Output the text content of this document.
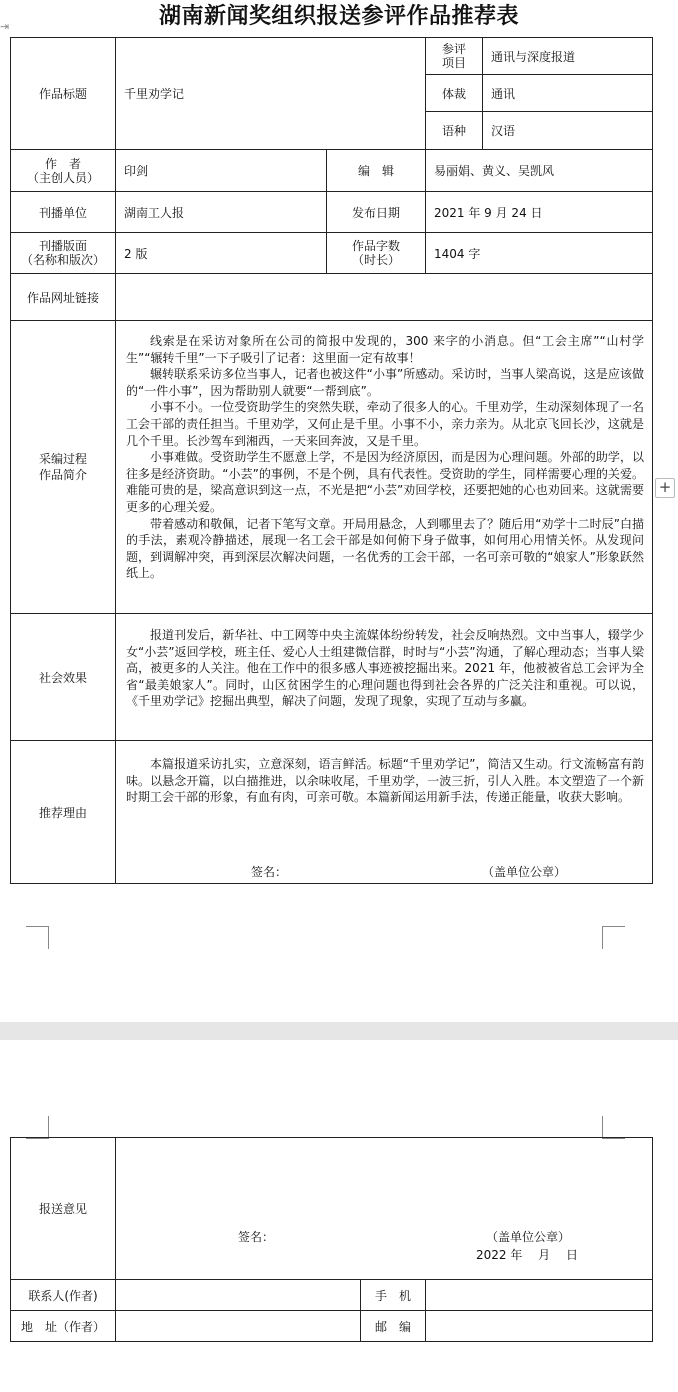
湖南新闻奖组织报送参评作品推荐表
⇥
+
作品标题	千里劝学记
参评
项目 通讯与深度报道
体裁 通讯
语种 汉语
作　者
（主创人员） 印剑	编　辑	易丽娟、黄义、吴凯风
刊播单位	湖南工人报	发布日期	2021 年 9 月 24 日
刊播版面
（名称和版次） 2 版
作品字数
（时长）	1404 字
作品网址链接
采编过程
作品简介

线索是在采访对象所在公司的简报中发现的，300 来字的小消息。但“工会主席”“山村学生”“辗转千里”一下子吸引了记者：这里面一定有故事！

辗转联系采访多位当事人，记者也被这件“小事”所感动。采访时，当事人梁高说，这是应该做的“一件小事”，因为帮助别人就要“一帮到底”。

小事不小。一位受资助学生的突然失联，牵动了很多人的心。千里劝学，生动深刻体现了一名工会干部的责任担当。千里劝学，又何止是千里。小事不小，亲力亲为。从北京飞回长沙，这就是几个千里。长沙驾车到湘西，一天来回奔波，又是千里。

小事难做。受资助学生不愿意上学，不是因为经济原因，而是因为心理问题。外部的助学，以往多是经济资助。“小芸”的事例，不是个例，具有代表性。受资助的学生，同样需要心理的关爱。难能可贵的是，梁高意识到这一点，不光是把“小芸”劝回学校，还要把她的心也劝回来。这就需要更多的心理关爱。

带着感动和敬佩，记者下笔写文章。开局用悬念，人到哪里去了？随后用“劝学十二时辰”白描的手法，素观冷静描述，展现一名工会干部是如何俯下身子做事，如何用心用情关怀。从发现问题，到调解冲突，再到深层次解决问题，一名优秀的工会干部，一名可亲可敬的“娘家人”形象跃然纸上。

社会效果

报道刊发后，新华社、中工网等中央主流媒体纷纷转发，社会反响热烈。文中当事人，辍学少女“小芸”返回学校，班主任、爱心人士组建微信群，时时与“小芸”沟通，了解心理动态；当事人梁高，被更多的人关注。他在工作中的很多感人事迹被挖掘出来。2021 年，他被被省总工会评为全省“最美娘家人”。同时，山区贫困学生的心理问题也得到社会各界的广泛关注和重视。可以说，《千里劝学记》挖掘出典型，解决了问题，发现了现象，实现了互动与多赢。

推荐理由

本篇报道采访扎实，立意深刻，语言鲜活。标题“千里劝学记”，简洁又生动。行文流畅富有韵味。以悬念开篇，以白描推进，以余味收尾，千里劝学，一波三折，引人入胜。本文塑造了一个新时期工会干部的形象，有血有肉，可亲可敬。本篇新闻运用新手法，传递正能量，收获大影响。

签名：	（盖单位公章）
报送意见
签名：	（盖单位公章）
2022 年　 月　 日
联系人(作者)	手　机
地　址（作者）	邮　编
